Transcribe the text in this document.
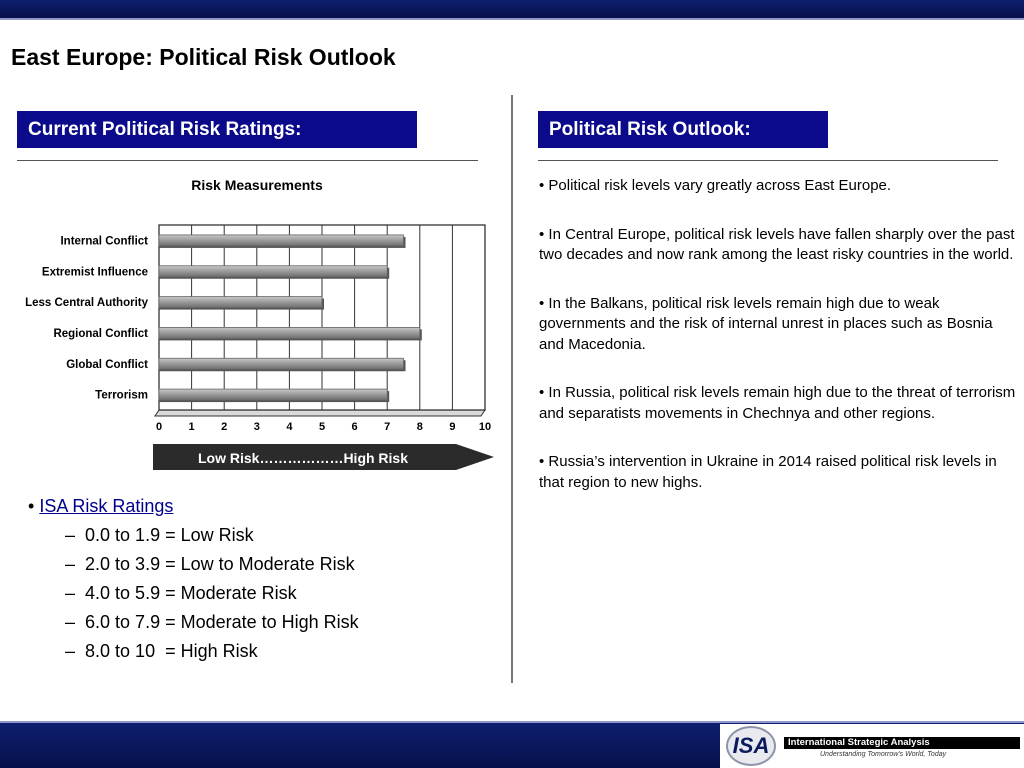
East Europe: Political Risk Outlook
Current Political Risk Ratings:	Political Risk Outlook:
Risk Measurements
Internal Conflict
Extremist Influence
Less Central Authority
Regional Conflict
Global Conflict
Terrorism
0 1 2 3 4 5 6 7 8 9 10
Low Risk………………High Risk
• ISA Risk Ratings
–  0.0 to 1.9 = Low Risk
–  2.0 to 3.9 = Low to Moderate Risk
–  4.0 to 5.9 = Moderate Risk
–  6.0 to 7.9 = Moderate to High Risk
–  8.0 to 10  = High Risk

• Political risk levels vary greatly across East Europe.

• In Central Europe, political risk levels have fallen sharply over the past two decades and now rank among the least risky countries in the world.

• In the Balkans, political risk levels remain high due to weak governments and the risk of internal unrest in places such as Bosnia and Macedonia.

• In Russia, political risk levels remain high due to the threat of terrorism and separatists movements in Chechnya and other regions.

• Russia’s intervention in Ukraine in 2014 raised political risk levels in that region to new highs.

ISA	International Strategic Analysis
Understanding Tomorrow's World, Today
